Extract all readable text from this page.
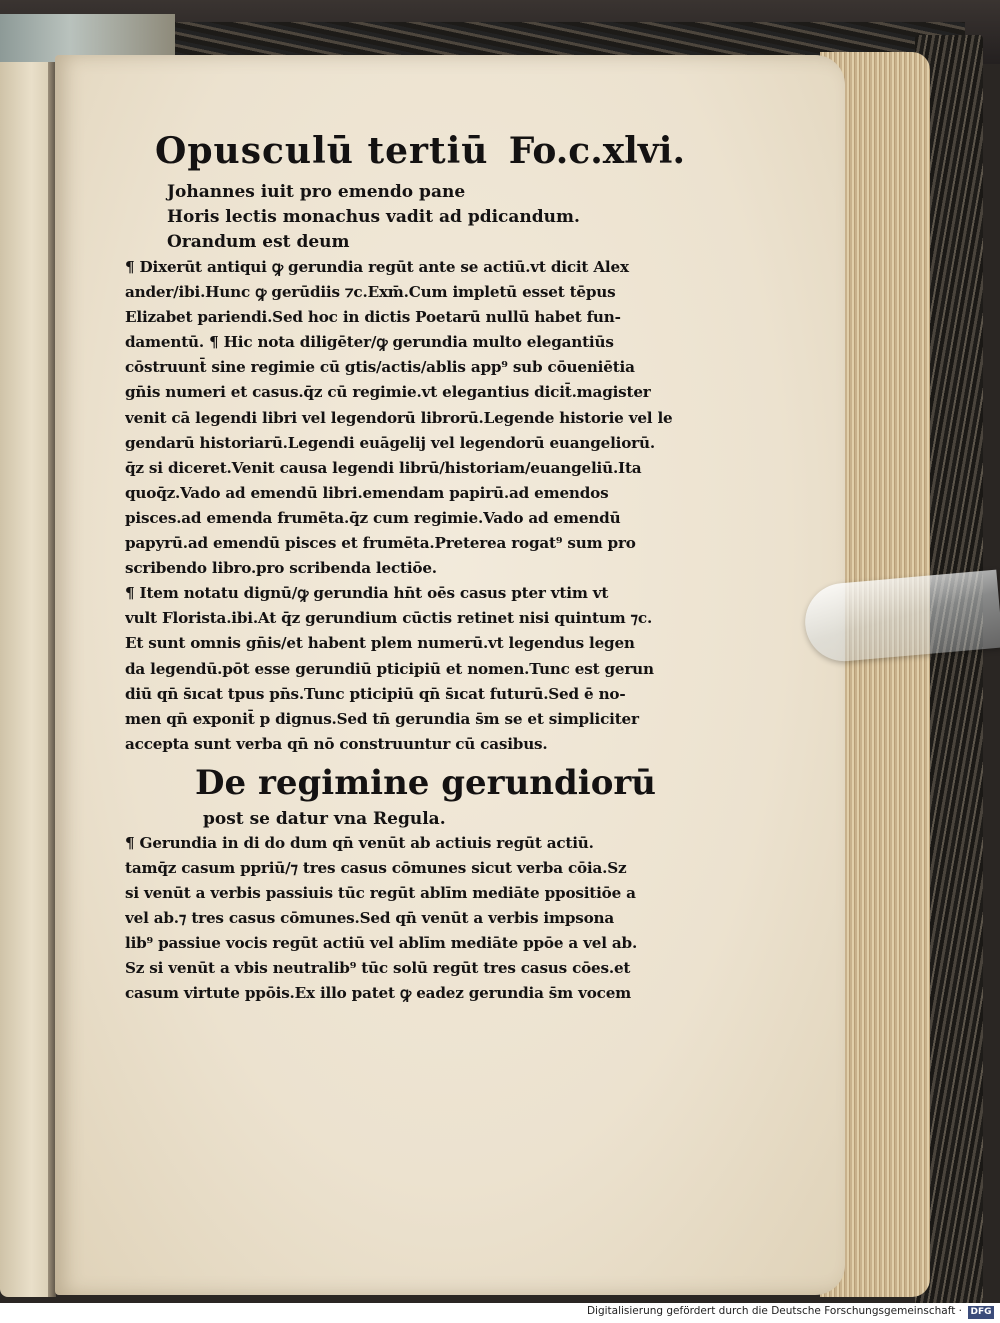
Opusculū tertiū Fo.c.xlvi.
Johannes iuit pro emendo pane
Horis lectis monachus vadit ad pdicandum.
Orandum est deum
¶ Dixerūt antiqui ꝙ gerundia regūt ante se actiū.vt dicit Alex
ander/ibi.Hunc ꝙ gerūdiis ⁊c.Exm̄.Cum impletū esset tēpus
Elizabet pariendi.Sed hoc in dictis Poetarū nullū habet fun-
damentū. ¶ Hic nota diligēter/ꝙ gerundia multo elegantiūs
cōstruunt̄ sine regimie cū gtis/actis/ablis app⁹ sub cōueniētia
gn̄is numeri et casus.q̄z cū regimie.vt elegantius dicit̄.magister
venit cā legendi libri vel legendorū librorū.Legende historie vel le
gendarū historiarū.Legendi euāgelij vel legendorū euangeliorū.
q̄z si diceret.Venit causa legendi librū/historiam/euangeliū.Ita
quoq̄z.Vado ad emendū libri.emendam papirū.ad emendos
pisces.ad emenda frumēta.q̄z cum regimie.Vado ad emendū
papyrū.ad emendū pisces et frumēta.Preterea rogat⁹ sum pro
scribendo libro.pro scribenda lectiōe.
¶ Item notatu dignū/ꝙ gerundia hn̄t oēs casus pter vtim vt
vult Florista.ibi.At q̄z gerundium cūctis retinet nisi quintum ⁊c.
Et sunt omnis gn̄is/et habent plem numerū.vt legendus legen
da legendū.pōt esse gerundiū pticipiū et nomen.Tunc est gerun
diū qn̄ s̄ıcat tpus pn̄s.Tunc pticipiū qn̄ s̄ıcat futurū.Sed ē no-
men qn̄ exponit̄ p dignus.Sed tn̄ gerundia s̄m se et simpliciter
accepta sunt verba qn̄ nō construuntur cū casibus.
De regimine gerundiorū
post se datur vna Regula.
¶ Gerundia in di do dum qn̄ venūt ab actiuis regūt actiū.
tamq̄z casum ppriū/⁊ tres casus cōmunes sicut verba cōia.Sz
si venūt a verbis passiuis tūc regūt ablīm mediāte ppositiōe a
vel ab.⁊ tres casus cōmunes.Sed qn̄ venūt a verbis impsona
lib⁹ passiue vocis regūt actiū vel ablīm mediāte ppōe a vel ab.
Sz si venūt a vbis neutralib⁹ tūc solū regūt tres casus cōes.et
casum virtute ppōis.Ex illo patet ꝙ eadez gerundia s̄m vocem
Digitalisierung gefördert durch die Deutsche Forschungsgemeinschaft · DFG
